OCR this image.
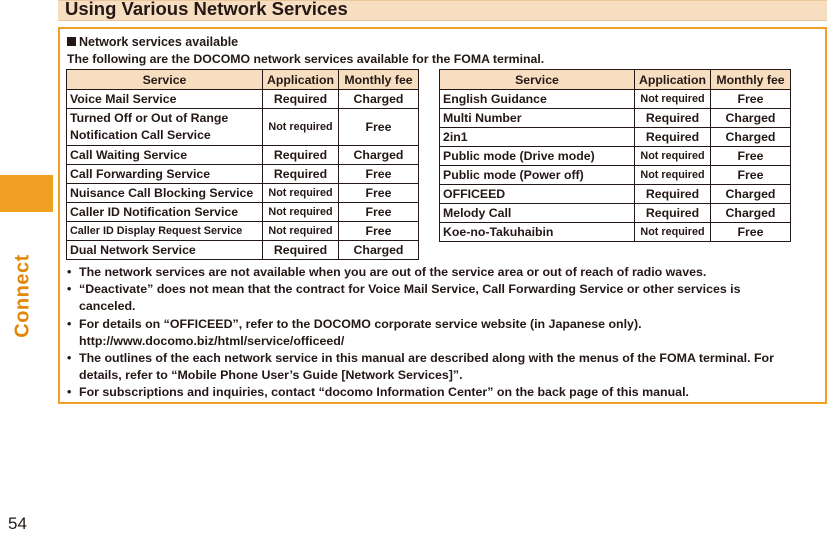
Connect
54
Using Various Network Services
Network services available
The following are the DOCOMO network services available for the FOMA terminal.
Service	Application	Monthly fee
Voice Mail Service	Required	Charged
Turned Off or Out of Range Notification Call Service	Not required	Free
Call Waiting Service	Required	Charged
Call Forwarding Service	Required	Free
Nuisance Call Blocking Service	Not required	Free
Caller ID Notification Service	Not required	Free
Caller ID Display Request Service	Not required	Free
Dual Network Service	Required	Charged
Service	Application	Monthly fee
English Guidance	Not required	Free
Multi Number	Required	Charged
2in1	Required	Charged
Public mode (Drive mode)	Not required	Free
Public mode (Power off)	Not required	Free
OFFICEED	Required	Charged
Melody Call	Required	Charged
Koe-no-Takuhaibin	Not required	Free

• The network services are not available when you are out of the service area or out of reach of radio waves.

• “Deactivate” does not mean that the contract for Voice Mail Service, Call Forwarding Service or other services is canceled.

• For details on “OFFICEED”, refer to the DOCOMO corporate service website (in Japanese only).
http://www.docomo.biz/html/service/officeed/

• The outlines of the each network service in this manual are described along with the menus of the FOMA terminal. For details, refer to “Mobile Phone User’s Guide [Network Services]”.

• For subscriptions and inquiries, contact “docomo Information Center” on the back page of this manual.
